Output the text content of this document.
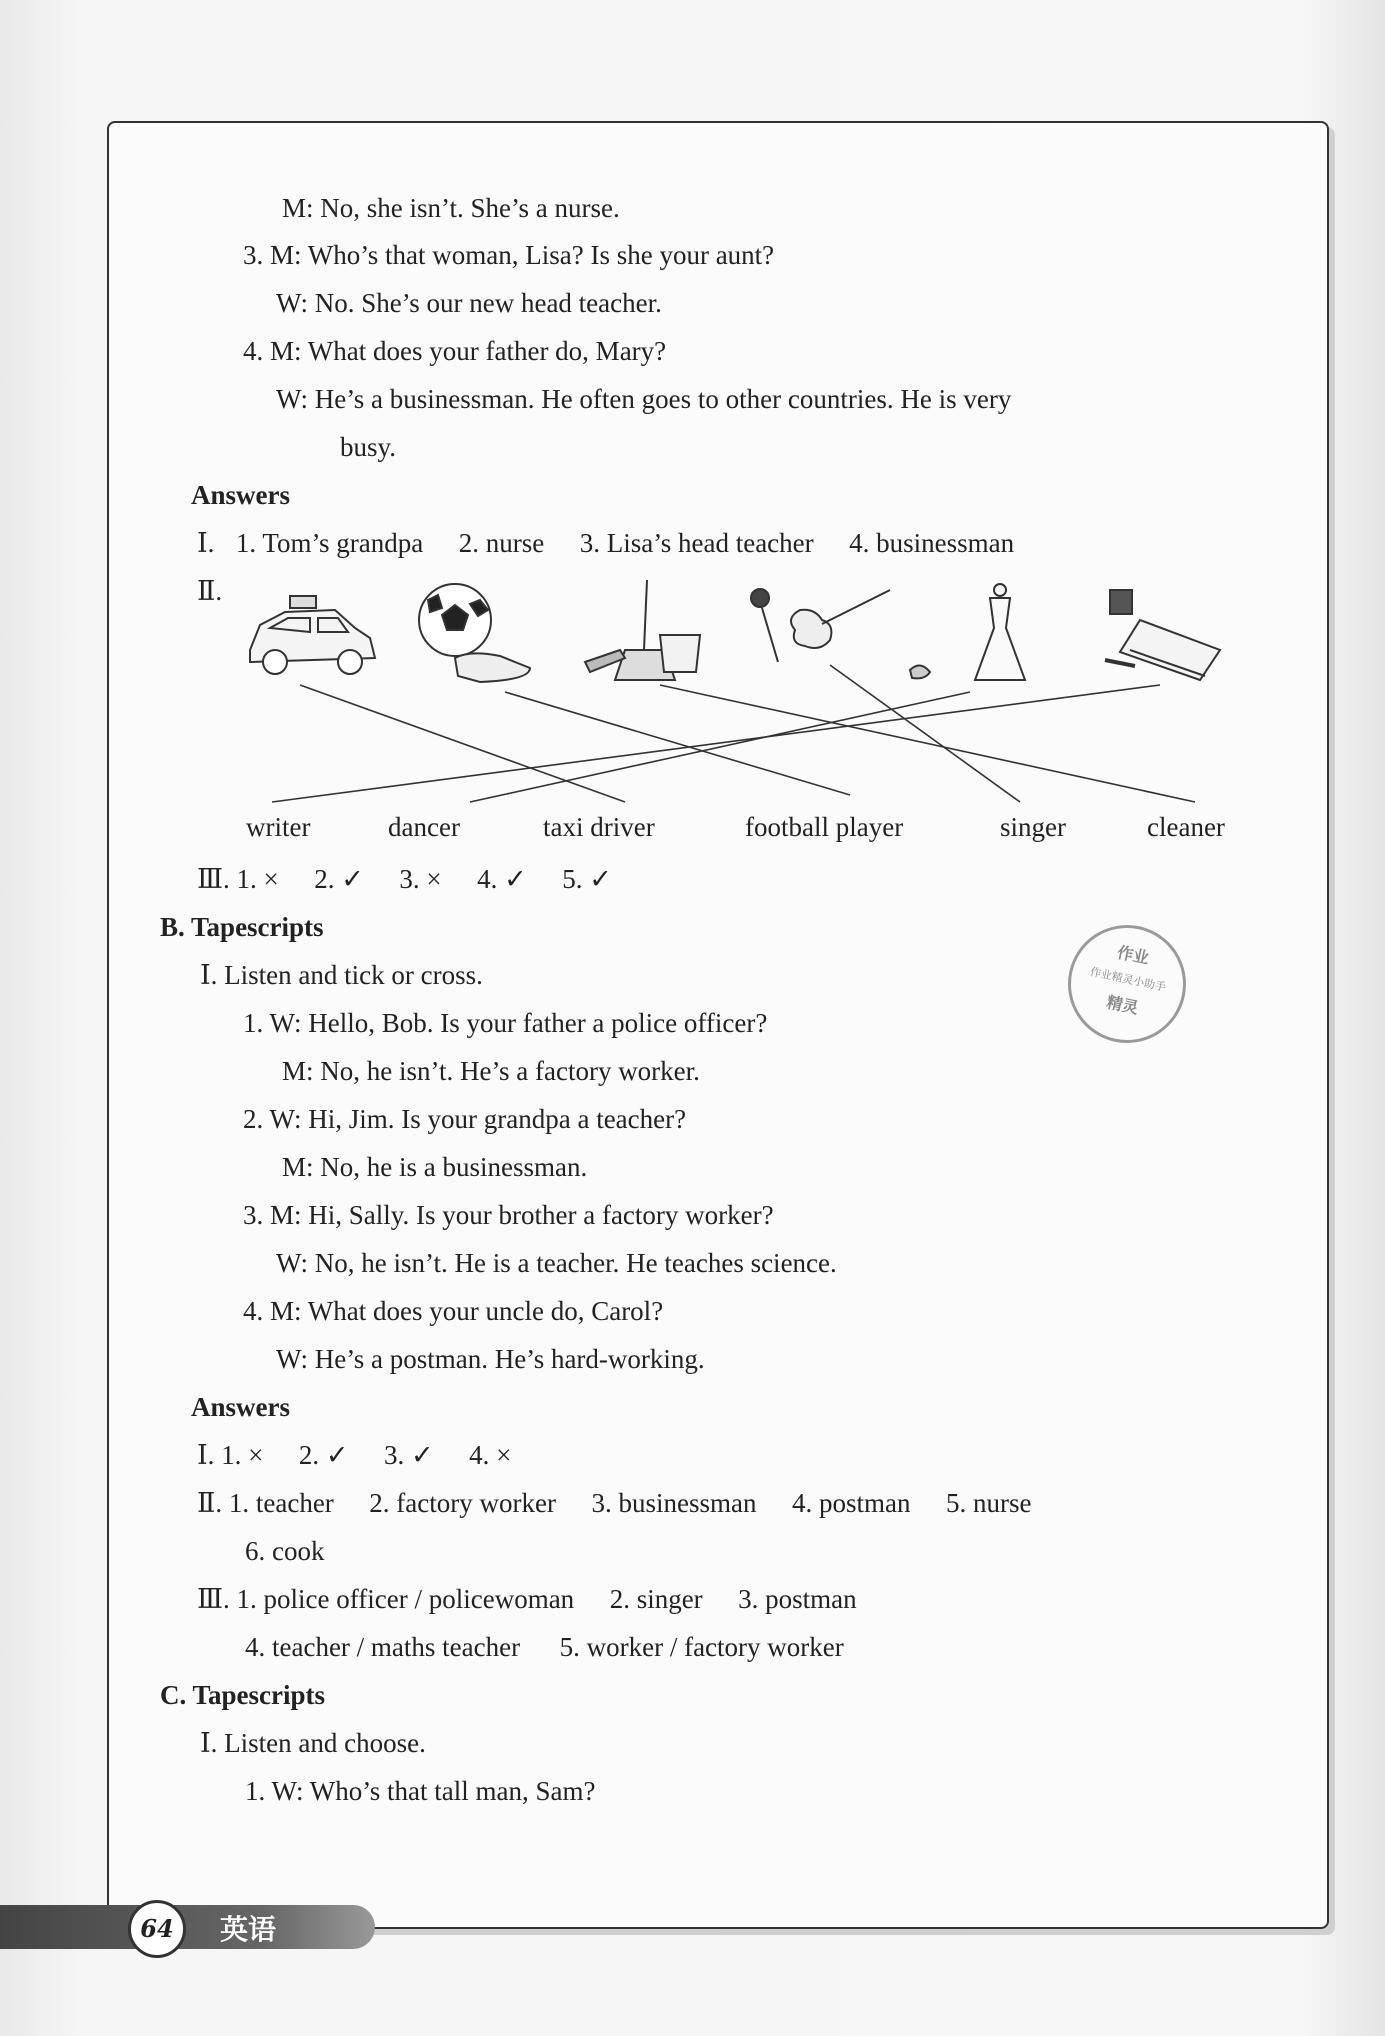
M: No, she isn’t. She’s a nurse.
3. M: Who’s that woman, Lisa? Is she your aunt?
W: No. She’s our new head teacher.
4. M: What does your father do, Mary?
W: He’s a businessman. He often goes to other countries. He is very
busy.
Answers
Ⅰ. 1. Tom’s grandpa 2. nurse 3. Lisa’s head teacher 4. businessman
Ⅱ.
writer	dancer	taxi driver	football player	singer	cleaner
Ⅲ. 1. × 2. ✓ 3. × 4. ✓ 5. ✓
B. Tapescripts
Ⅰ. Listen and tick or cross.
1. W: Hello, Bob. Is your father a police officer?
M: No, he isn’t. He’s a factory worker.
2. W: Hi, Jim. Is your grandpa a teacher?
M: No, he is a businessman.
3. M: Hi, Sally. Is your brother a factory worker?
W: No, he isn’t. He is a teacher. He teaches science.
4. M: What does your uncle do, Carol?
W: He’s a postman. He’s hard-working.
Answers
Ⅰ. 1. × 2. ✓ 3. ✓ 4. ×
Ⅱ. 1. teacher 2. factory worker 3. businessman 4. postman 5. nurse
6. cook
Ⅲ. 1. police officer / policewoman 2. singer 3. postman
4. teacher / maths teacher 5. worker / factory worker
C. Tapescripts
Ⅰ. Listen and choose.
1. W: Who’s that tall man, Sam?
作业
作业精灵小助手
精灵
64	英语
